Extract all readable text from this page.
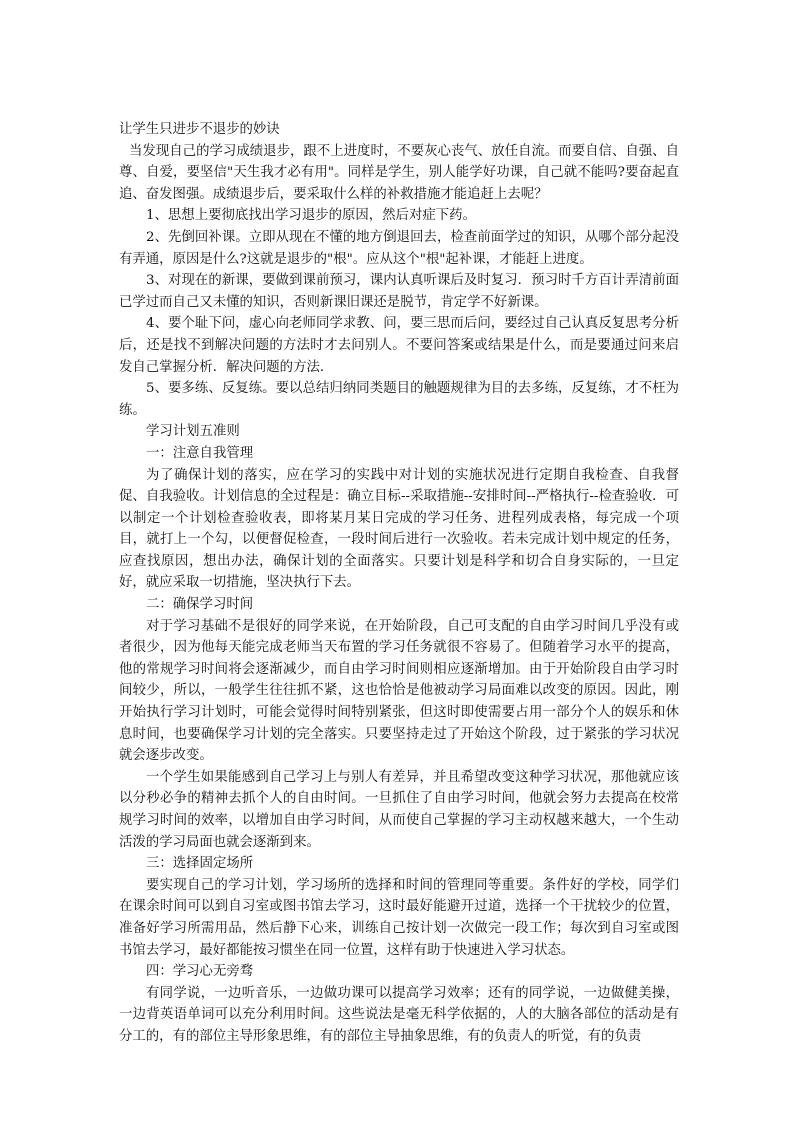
让学生只进步不退步的妙诀

当发现自己的学习成绩退步，跟不上进度时，不要灰心丧气、放任自流。而要自信、自强、自尊、自爱，要坚信"天生我才必有用"。同样是学生，别人能学好功课，自己就不能吗?要奋起直追、奋发图强。成绩退步后，要采取什么样的补救措施才能追赶上去呢？

1、思想上要彻底找出学习退步的原因，然后对症下药。

2、先倒回补课。立即从现在不懂的地方倒退回去，检查前面学过的知识，从哪个部分起没有弄通，原因是什么?这就是退步的"根"。应从这个"根"起补课，才能赶上进度。

3、对现在的新课，要做到课前预习，课内认真听课后及时复习．预习时千方百计弄清前面已学过而自己又未懂的知识，否则新课旧课还是脱节，肯定学不好新课。

4、要个耻下问，虚心向老师同学求教、问，要三思而后问，要经过自己认真反复思考分析后，还是找不到解决问题的方法时才去问别人。不要问答案或结果是什么，而是要通过问来启发自己掌握分析．解决问题的方法．

5、要多练、反复练。要以总结归纳同类题目的触题规律为目的去多练，反复练，才不枉为练。

学习计划五准则

一：注意自我管理

为了确保计划的落实，应在学习的实践中对计划的实施状况进行定期自我检查、自我督促、自我验收。计划信息的全过程是：确立目标--采取措施--安排时间--严格执行--检查验收．可以制定一个计划检查验收表，即将某月某日完成的学习任务、进程列成表格，每完成一个项目，就打上一个勾，以便督促检查，一段时间后进行一次验收。若未完成计划中规定的任务，应查找原因，想出办法，确保计划的全面落实。只要计划是科学和切合自身实际的，一旦定好，就应采取一切措施，坚决执行下去。

二：确保学习时间

对于学习基础不是很好的同学来说，在开始阶段，自己可支配的自由学习时间几乎没有或者很少，因为他每天能完成老师当天布置的学习任务就很不容易了。但随着学习水平的提高，他的常规学习时间将会逐渐减少，而自由学习时间则相应逐渐增加。由于开始阶段自由学习时间较少，所以，一般学生往往抓不紧，这也恰恰是他被动学习局面难以改变的原因。因此，刚开始执行学习计划时，可能会觉得时间特别紧张，但这时即使需要占用一部分个人的娱乐和休息时间，也要确保学习计划的完全落实。只要坚持走过了开始这个阶段，过于紧张的学习状况就会逐步改变。

一个学生如果能感到自己学习上与别人有差异，并且希望改变这种学习状况，那他就应该以分秒必争的精神去抓个人的自由时间。一旦抓住了自由学习时间，他就会努力去提高在校常规学习时间的效率，以增加自由学习时间，从而使自己掌握的学习主动权越来越大，一个生动活泼的学习局面也就会逐渐到来。

三：选择固定场所

要实现自己的学习计划，学习场所的选择和时间的管理同等重要。条件好的学校，同学们在课余时间可以到自习室或图书馆去学习，这时最好能避开过道，选择一个干扰较少的位置，准备好学习所需用品，然后静下心来，训练自己按计划一次做完一段工作；每次到自习室或图书馆去学习，最好都能按习惯坐在同一位置，这样有助于快速进入学习状态。

四：学习心无旁骛

有同学说，一边听音乐，一边做功课可以提高学习效率；还有的同学说，一边做健美操，一边背英语单词可以充分利用时间。这些说法是毫无科学依据的，人的大脑各部位的活动是有分工的，有的部位主导形象思维，有的部位主导抽象思维，有的负责人的听觉，有的负责
